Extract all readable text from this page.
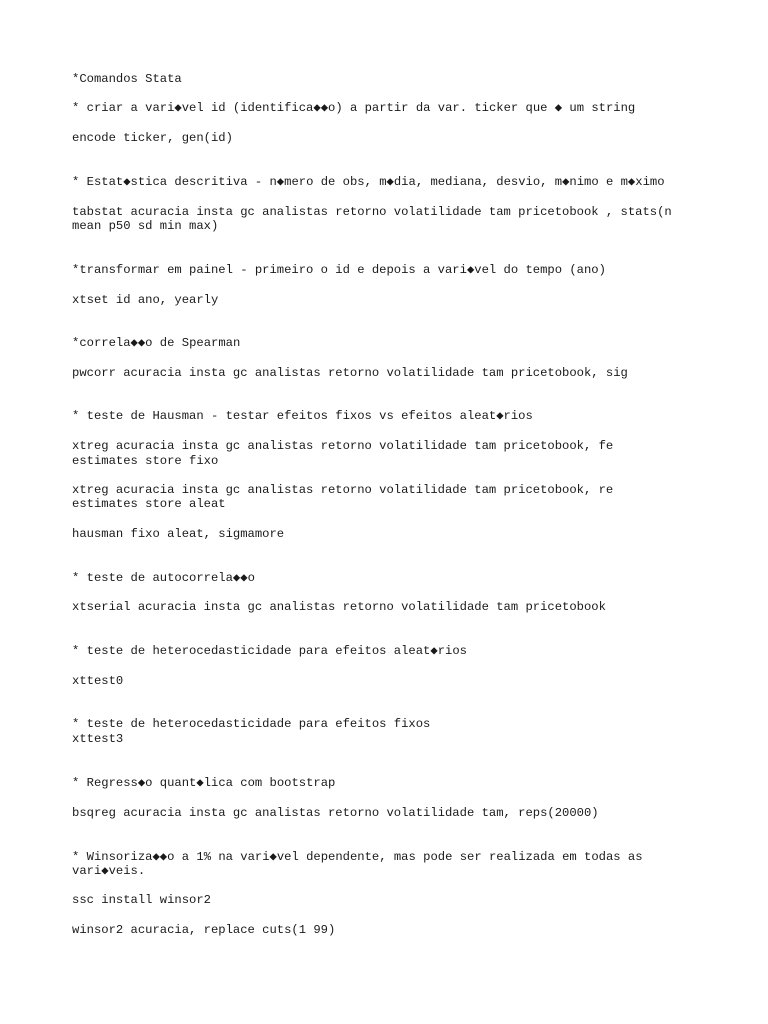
*Comandos Stata

* criar a vari◆vel id (identifica◆◆o) a partir da var. ticker que ◆ um string

encode ticker, gen(id)

* Estat◆stica descritiva - n◆mero de obs, m◆dia, mediana, desvio, m◆nimo e m◆ximo

tabstat acuracia insta gc analistas retorno volatilidade tam pricetobook , stats(n

mean p50 sd min max)

*transformar em painel - primeiro o id e depois a vari◆vel do tempo (ano)

xtset id ano, yearly

*correla◆◆o de Spearman

pwcorr acuracia insta gc analistas retorno volatilidade tam pricetobook, sig

* teste de Hausman - testar efeitos fixos vs efeitos aleat◆rios

xtreg acuracia insta gc analistas retorno volatilidade tam pricetobook, fe

estimates store fixo

xtreg acuracia insta gc analistas retorno volatilidade tam pricetobook, re

estimates store aleat

hausman fixo aleat, sigmamore

* teste de autocorrela◆◆o

xtserial acuracia insta gc analistas retorno volatilidade tam pricetobook

* teste de heterocedasticidade para efeitos aleat◆rios

xttest0

* teste de heterocedasticidade para efeitos fixos

xttest3

* Regress◆o quant◆lica com bootstrap

bsqreg acuracia insta gc analistas retorno volatilidade tam, reps(20000)

* Winsoriza◆◆o a 1% na vari◆vel dependente, mas pode ser realizada em todas as

vari◆veis.

ssc install winsor2

winsor2 acuracia, replace cuts(1 99)
